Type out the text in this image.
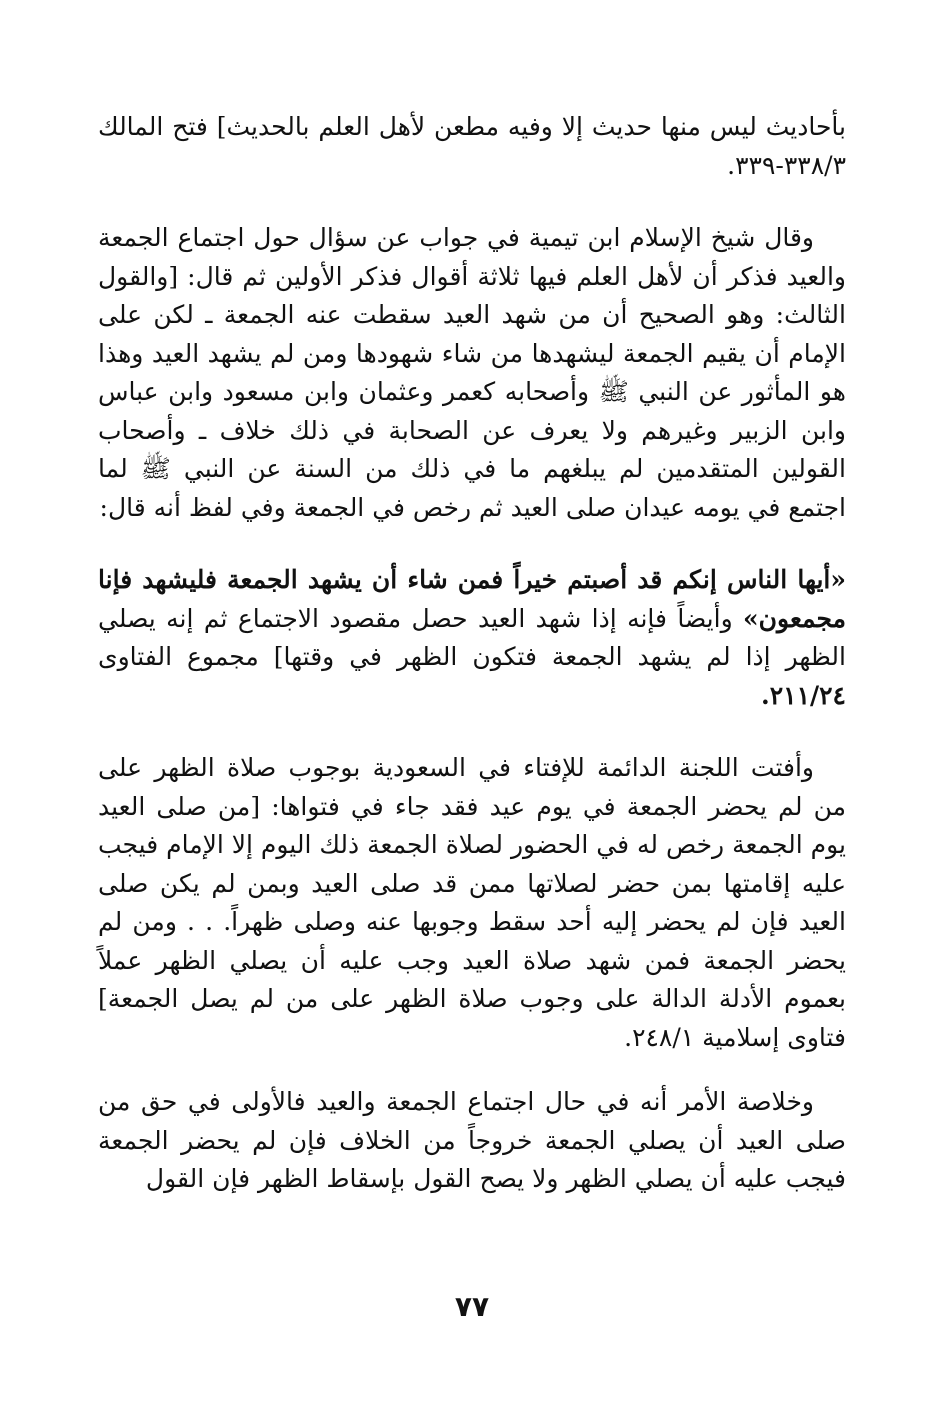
بأحاديث ليس منها حديث إلا وفيه مطعن لأهل العلم بالحديث] فتح المالك ٣٣٨/٣-٣٣٩.

وقال شيخ الإسلام ابن تيمية في جواب عن سؤال حول اجتماع الجمعة والعيد فذكر أن لأهل العلم فيها ثلاثة أقوال فذكر الأولين ثم قال: [والقول الثالث: وهو الصحيح أن من شهد العيد سقطت عنه الجمعة ـ لكن على الإمام أن يقيم الجمعة ليشهدها من شاء شهودها ومن لم يشهد العيد وهذا هو المأثور عن النبي ﷺ وأصحابه كعمر وعثمان وابن مسعود وابن عباس وابن الزبير وغيرهم ولا يعرف عن الصحابة في ذلك خلاف ـ وأصحاب القولين المتقدمين لم يبلغهم ما في ذلك من السنة عن النبي ﷺ لما اجتمع في يومه عيدان صلى العيد ثم رخص في الجمعة وفي لفظ أنه قال:

«أيها الناس إنكم قد أصبتم خيراً فمن شاء أن يشهد الجمعة فليشهد فإنا مجمعون» وأيضاً فإنه إذا شهد العيد حصل مقصود الاجتماع ثم إنه يصلي الظهر إذا لم يشهد الجمعة فتكون الظهر في وقتها] مجموع الفتاوى ٢١١/٢٤.

وأفتت اللجنة الدائمة للإفتاء في السعودية بوجوب صلاة الظهر على من لم يحضر الجمعة في يوم عيد فقد جاء في فتواها: [من صلى العيد يوم الجمعة رخص له في الحضور لصلاة الجمعة ذلك اليوم إلا الإمام فيجب عليه إقامتها بمن حضر لصلاتها ممن قد صلى العيد وبمن لم يكن صلى العيد فإن لم يحضر إليه أحد سقط وجوبها عنه وصلى ظهراً. . . ومن لم يحضر الجمعة فمن شهد صلاة العيد وجب عليه أن يصلي الظهر عملاً بعموم الأدلة الدالة على وجوب صلاة الظهر على من لم يصل الجمعة] فتاوى إسلامية ٢٤٨/١.

وخلاصة الأمر أنه في حال اجتماع الجمعة والعيد فالأولى في حق من صلى العيد أن يصلي الجمعة خروجاً من الخلاف فإن لم يحضر الجمعة فيجب عليه أن يصلي الظهر ولا يصح القول بإسقاط الظهر فإن القول

٧٧
